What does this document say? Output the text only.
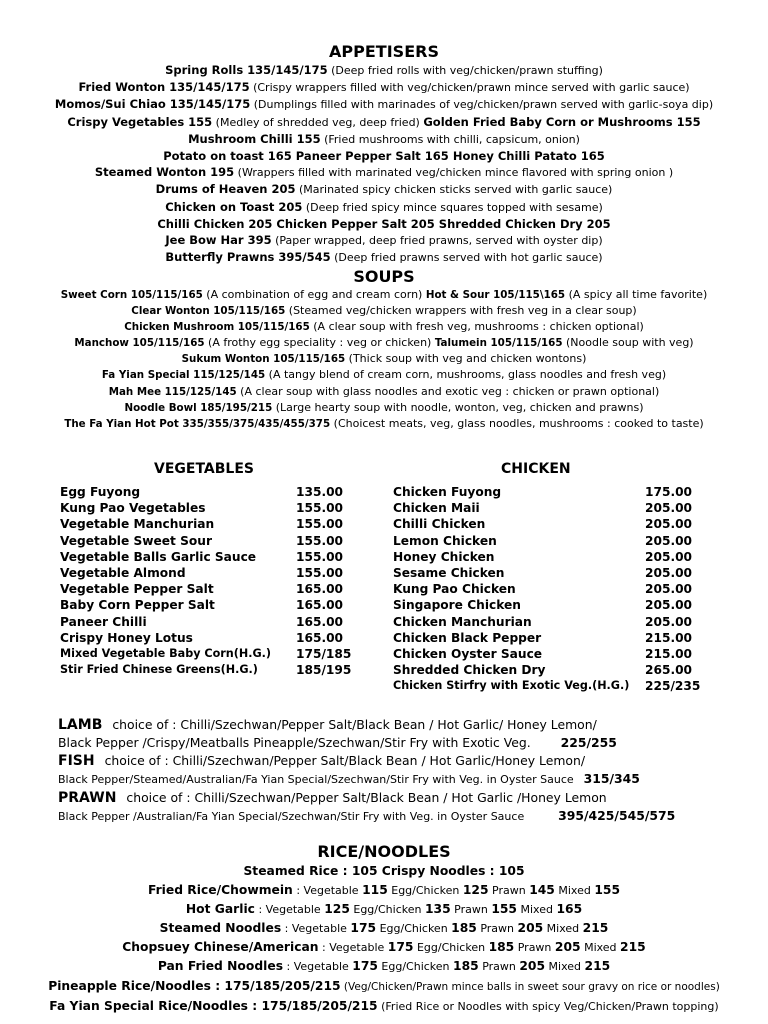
APPETISERS
Spring Rolls 135/145/175 (Deep fried rolls with veg/chicken/prawn stuffing)
Fried Wonton 135/145/175 (Crispy wrappers filled with veg/chicken/prawn mince served with garlic sauce)
Momos/Sui Chiao 135/145/175 (Dumplings filled with marinades of veg/chicken/prawn served with garlic-soya dip)
Crispy Vegetables 155 (Medley of shredded veg, deep fried) Golden Fried Baby Corn or Mushrooms 155
Mushroom Chilli 155 (Fried mushrooms with chilli, capsicum, onion)
Potato on toast 165 Paneer Pepper Salt 165 Honey Chilli Patato 165
Steamed Wonton 195 (Wrappers filled with marinated veg/chicken mince flavored with spring onion )
Drums of Heaven 205 (Marinated spicy chicken sticks served with garlic sauce)
Chicken on Toast 205 (Deep fried spicy mince squares topped with sesame)
Chilli Chicken 205 Chicken Pepper Salt 205 Shredded Chicken Dry 205
Jee Bow Har 395 (Paper wrapped, deep fried prawns, served with oyster dip)
Butterfly Prawns 395/545 (Deep fried prawns served with hot garlic sauce)
SOUPS
Sweet Corn 105/115/165 (A combination of egg and cream corn) Hot & Sour 105/115\165 (A spicy all time favorite)
Clear Wonton 105/115/165 (Steamed veg/chicken wrappers with fresh veg in a clear soup)
Chicken Mushroom 105/115/165 (A clear soup with fresh veg, mushrooms : chicken optional)
Manchow 105/115/165 (A frothy egg speciality : veg or chicken) Talumein 105/115/165 (Noodle soup with veg)
Sukum Wonton 105/115/165 (Thick soup with veg and chicken wontons)
Fa Yian Special 115/125/145 (A tangy blend of cream corn, mushrooms, glass noodles and fresh veg)
Mah Mee 115/125/145 (A clear soup with glass noodles and exotic veg : chicken or prawn optional)
Noodle Bowl 185/195/215 (Large hearty soup with noodle, wonton, veg, chicken and prawns)
The Fa Yian Hot Pot 335/355/375/435/455/375 (Choicest meats, veg, glass noodles, mushrooms : cooked to taste)
VEGETABLES
Egg Fuyong	135.00
Kung Pao Vegetables	155.00
Vegetable Manchurian	155.00
Vegetable Sweet Sour	155.00
Vegetable Balls Garlic Sauce	155.00
Vegetable Almond	155.00
Vegetable Pepper Salt	165.00
Baby Corn Pepper Salt	165.00
Paneer Chilli	165.00
Crispy Honey Lotus	165.00
Mixed Vegetable Baby Corn(H.G.)	175/185
Stir Fried Chinese Greens(H.G.)	185/195
CHICKEN
Chicken Fuyong	175.00
Chicken Maii	205.00
Chilli Chicken	205.00
Lemon Chicken	205.00
Honey Chicken	205.00
Sesame Chicken	205.00
Kung Pao Chicken	205.00
Singapore Chicken	205.00
Chicken Manchurian	205.00
Chicken Black Pepper	215.00
Chicken Oyster Sauce	215.00
Shredded Chicken Dry	265.00
Chicken Stirfry with Exotic Veg.(H.G.)	225/235
LAMB choice of : Chilli/Szechwan/Pepper Salt/Black Bean / Hot Garlic/ Honey Lemon/
Black Pepper /Crispy/Meatballs Pineapple/Szechwan/Stir Fry with Exotic Veg. 225/255
FISH choice of : Chilli/Szechwan/Pepper Salt/Black Bean / Hot Garlic/Honey Lemon/
Black Pepper/Steamed/Australian/Fa Yian Special/Szechwan/Stir Fry with Veg. in Oyster Sauce 315/345
PRAWN choice of : Chilli/Szechwan/Pepper Salt/Black Bean / Hot Garlic /Honey Lemon
Black Pepper /Australian/Fa Yian Special/Szechwan/Stir Fry with Veg. in Oyster Sauce	395/425/545/575
RICE/NOODLES
Steamed Rice : 105 Crispy Noodles : 105
Fried Rice/Chowmein : Vegetable 115 Egg/Chicken 125 Prawn 145 Mixed 155
Hot Garlic : Vegetable 125 Egg/Chicken 135 Prawn 155 Mixed 165
Steamed Noodles : Vegetable 175 Egg/Chicken 185 Prawn 205 Mixed 215
Chopsuey Chinese/American : Vegetable 175 Egg/Chicken 185 Prawn 205 Mixed 215
Pan Fried Noodles : Vegetable 175 Egg/Chicken 185 Prawn 205 Mixed 215
Pineapple Rice/Noodles : 175/185/205/215 (Veg/Chicken/Prawn mince balls in sweet sour gravy on rice or noodles)
Fa Yian Special Rice/Noodles : 175/185/205/215 (Fried Rice or Noodles with spicy Veg/Chicken/Prawn topping)
